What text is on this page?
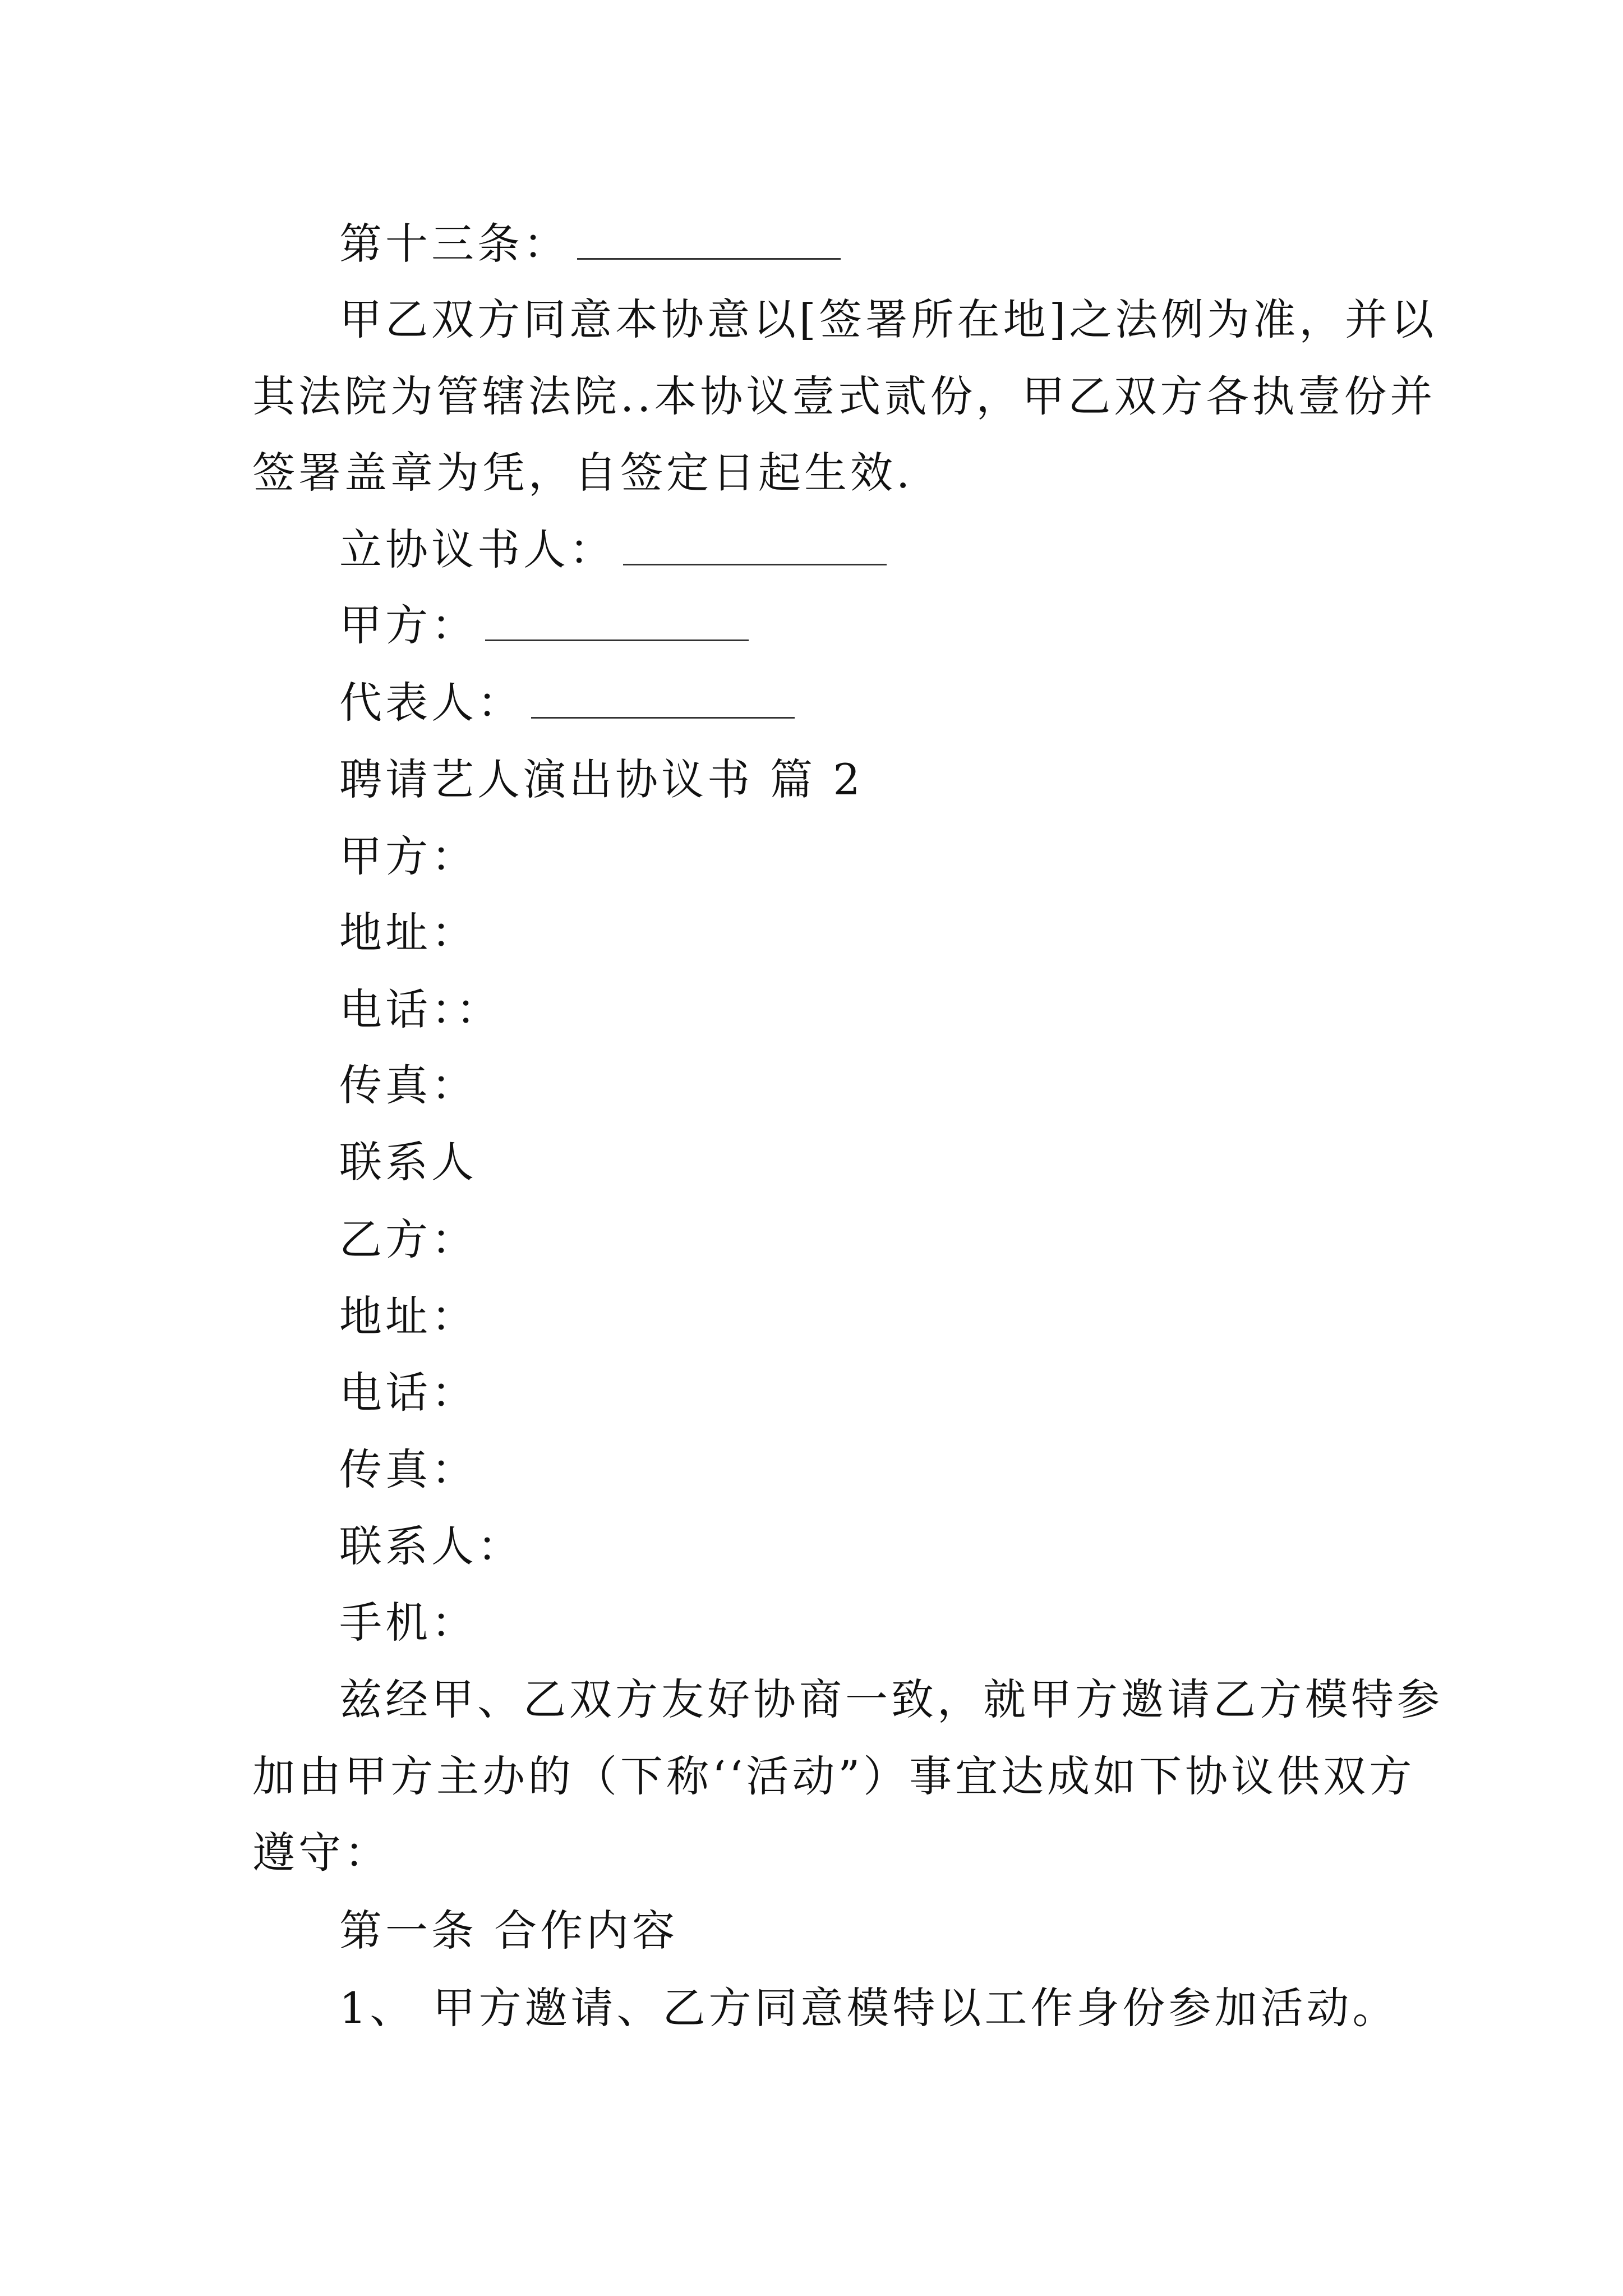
第十三条：
甲乙双方同意本协意以[签署所在地]之法例为准，并以
其法院为管辖法院..本协议壹式贰份，甲乙双方各执壹份并
签署盖章为凭，自签定日起生效.
立协议书人：
甲方：
代表人：
聘请艺人演出协议书 篇 2
甲方：
地址：
电话：：
传真：
联系人
乙方：
地址：
电话：
传真：
联系人：
手机：
兹经甲、乙双方友好协商一致，就甲方邀请乙方模特参
加由甲方主办的（下称‘‘活动”）事宜达成如下协议供双方
遵守：
第一条 合作内容
1、 甲方邀请、乙方同意模特以工作身份参加活动。
